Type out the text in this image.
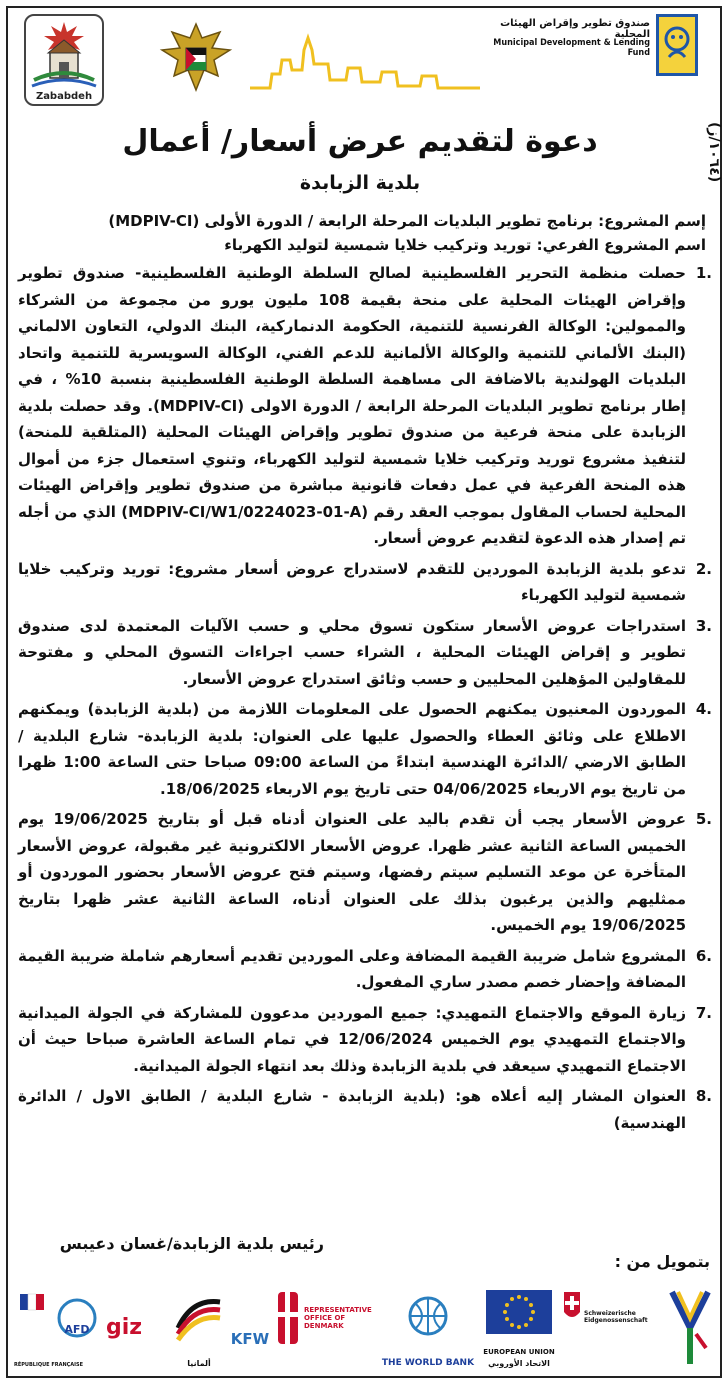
Zababdeh
صندوق تطوير وإقراض الهيئات المحلية
Municipal Development & Lending Fund
(١٠٦٤/ز)
دعوة لتقديم عرض أسعار/ أعمال
بلدية الزبابدة
إسم المشروع: برنامج تطوير البلديات المرحلة الرابعة / الدورة الأولى (MDPIV-CI)
اسم المشروع الفرعي: توريد وتركيب خلايا شمسية لتوليد الكهرباء
.1
حصلت منظمة التحرير الفلسطينية لصالح السلطة الوطنية الفلسطينية- صندوق تطوير وإقراض الهيئات المحلية على منحة بقيمة 108 مليون يورو من مجموعة من الشركاء والممولين: الوكالة الفرنسية للتنمية، الحكومة الدنماركية، البنك الدولي، التعاون الالماني (البنك الألماني للتنمية والوكالة الألمانية للدعم الفني، الوكالة السويسرية للتنمية واتحاد البلديات الهولندية بالاضافة الى مساهمة السلطة الوطنية الفلسطينية بنسبة 10% ، في إطار برنامج تطوير البلديات المرحلة الرابعة / الدورة الاولى (MDPIV-CI). وقد حصلت بلدية الزبابدة على منحة فرعية من صندوق تطوير وإقراض الهيئات المحلية (المتلقية للمنحة) لتنفيذ مشروع توريد وتركيب خلايا شمسية لتوليد الكهرباء، وتنوي استعمال جزء من أموال هذه المنحة الفرعية في عمل دفعات قانونية مباشرة من صندوق تطوير وإقراض الهيئات المحلية لحساب المقاول بموجب العقد رقم (MDPIV-CI/W1/0224023-01-A) الذي من أجله تم إصدار هذه الدعوة لتقديم عروض أسعار.
.2
تدعو بلدية الزبابدة الموردين للتقدم لاستدراج عروض أسعار مشروع: توريد وتركيب خلايا شمسية لتوليد الكهرباء
.3
استدراجات عروض الأسعار ستكون تسوق محلي و حسب الآليات المعتمدة لدى صندوق تطوير و إقراض الهيئات المحلية ، الشراء حسب اجراءات التسوق المحلي و مفتوحة للمقاولين المؤهلين المحليين و حسب وثائق استدراج عروض الأسعار.
.4
الموردون المعنيون يمكنهم الحصول على المعلومات اللازمة من (بلدية الزبابدة) ويمكنهم الاطلاع على وثائق العطاء والحصول عليها على العنوان: بلدية الزبابدة- شارع البلدية / الطابق الارضي /الدائرة الهندسية ابتداءً من الساعة 09:00 صباحا حتى الساعة 1:00 ظهرا من تاريخ يوم الاربعاء 04/06/2025 حتى تاريخ يوم الاربعاء 18/06/2025.
.5
عروض الأسعار يجب أن تقدم باليد على العنوان أدناه قبل أو بتاريخ 19/06/2025 يوم الخميس الساعة الثانية عشر ظهرا. عروض الأسعار الالكترونية غير مقبولة، عروض الأسعار المتأخرة عن موعد التسليم سيتم رفضها، وسيتم فتح عروض الأسعار بحضور الموردون أو ممثليهم والذين يرغبون بذلك على العنوان أدناه، الساعة الثانية عشر ظهرا بتاريخ 19/06/2025 يوم الخميس.
.6
المشروع شامل ضريبة القيمة المضافة وعلى الموردين تقديم أسعارهم شاملة ضريبة القيمة المضافة وإحضار خصم مصدر ساري المفعول.
.7
زيارة الموقع والاجتماع التمهيدي: جميع الموردين مدعوون للمشاركة في الجولة الميدانية والاجتماع التمهيدي يوم الخميس 12/06/2024 في تمام الساعة العاشرة صباحا حيث أن الاجتماع التمهيدي سيعقد في بلدية الزبابدة وذلك بعد انتهاء الجولة الميدانية.
.8
العنوان المشار إليه أعلاه هو: (بلدية الزبابدة - شارع البلدية / الطابق الاول / الدائرة الهندسية)
رئيس بلدية الزبابدة/غسان دعيبس
بتمويل من :
RÉPUBLIQUE FRANÇAISE
AFD giz
ألمانيا
KFW
REPRESENTATIVE OFFICE OF DENMARK
THE WORLD BANK
EUROPEAN UNION
الاتحاد الأوروبي
Schweizerische Eidgenossenschaft
